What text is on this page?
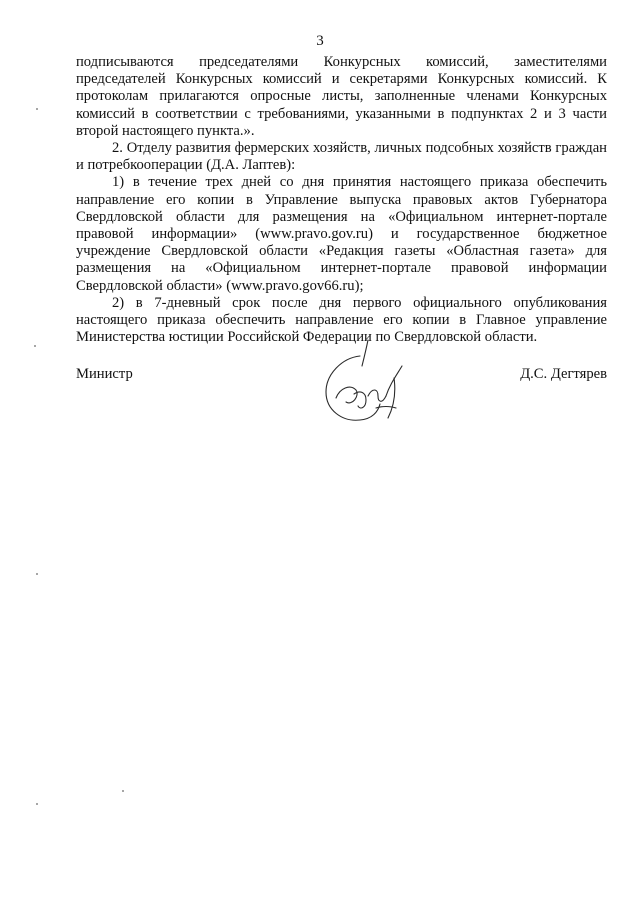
3

подписываются председателями Конкурсных комиссий, заместителями председателей Конкурсных комиссий и секретарями Конкурсных комиссий. К протоколам прилагаются опросные листы, заполненные членами Конкурсных комиссий в соответствии с требованиями, указанными в подпунктах 2 и 3 части второй настоящего пункта.».

2. Отделу развития фермерских хозяйств, личных подсобных хозяйств граждан и потребкооперации (Д.А. Лаптев):

1) в течение трех дней со дня принятия настоящего приказа обеспечить направление его копии в Управление выпуска правовых актов Губернатора Свердловской области для размещения на «Официальном интернет-портале правовой информации» (www.pravo.gov.ru) и государственное бюджетное учреждение Свердловской области «Редакция газеты «Областная газета» для размещения на «Официальном интернет-портале правовой информации Свердловской области» (www.pravo.gov66.ru);

2) в 7-дневный срок после дня первого официального опубликования настоящего приказа обеспечить направление его копии в Главное управление Министерства юстиции Российской Федерации по Свердловской области.

Министр	Д.С. Дегтярев
